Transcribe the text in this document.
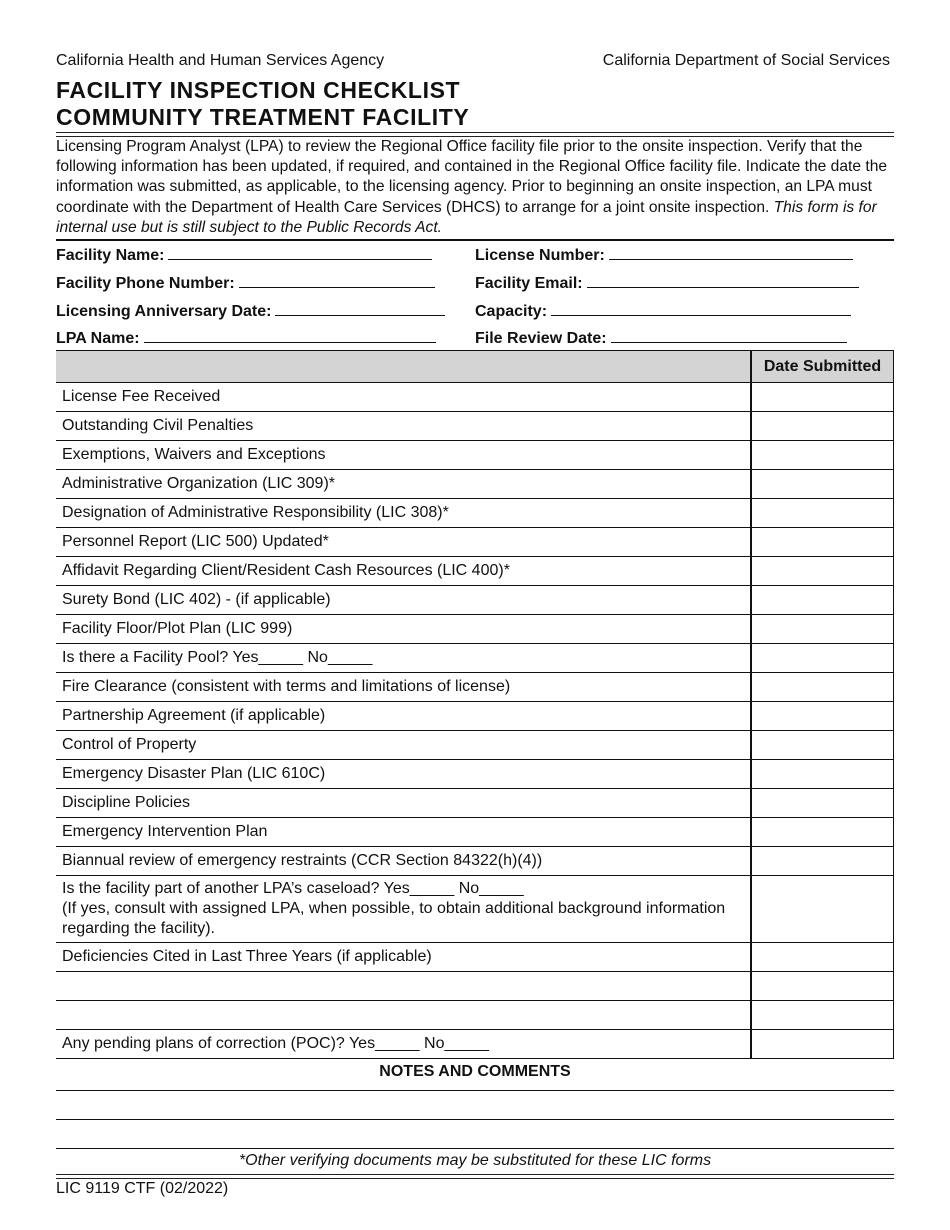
California Health and Human Services Agency	California Department of Social Services
FACILITY INSPECTION CHECKLIST
COMMUNITY TREATMENT FACILITY
Licensing Program Analyst (LPA) to review the Regional Office facility file prior to the onsite inspection. Verify that the following information has been updated, if required, and contained in the Regional Office facility file. Indicate the date the information was submitted, as applicable, to the licensing agency. Prior to beginning an onsite inspection, an LPA must coordinate with the Department of Health Care Services (DHCS) to arrange for a joint onsite inspection. This form is for internal use but is still subject to the Public Records Act.
Facility Name:	License Number:
Facility Phone Number:	Facility Email:
Licensing Anniversary Date:	Capacity:
LPA Name:	File Review Date:
	Date Submitted
License Fee Received	
Outstanding Civil Penalties	
Exemptions, Waivers and Exceptions	
Administrative Organization (LIC 309)*	
Designation of Administrative Responsibility (LIC 308)*	
Personnel Report (LIC 500) Updated*	
Affidavit Regarding Client/Resident Cash Resources (LIC 400)*	
Surety Bond (LIC 402) - (if applicable)	
Facility Floor/Plot Plan (LIC 999)	
Is there a Facility Pool? Yes_____ No_____	
Fire Clearance (consistent with terms and limitations of license)	
Partnership Agreement (if applicable)	
Control of Property	
Emergency Disaster Plan (LIC 610C)	
Discipline Policies	
Emergency Intervention Plan	
Biannual review of emergency restraints (CCR Section 84322(h)(4))	

Is the facility part of another LPA’s caseload? Yes_____ No_____
(If yes, consult with assigned LPA, when possible, to obtain additional background information regarding the facility).	

Deficiencies Cited in Last Three Years (if applicable)	

Any pending plans of correction (POC)? Yes_____ No_____	
NOTES AND COMMENTS
*Other verifying documents may be substituted for these LIC forms
LIC 9119 CTF (02/2022)
